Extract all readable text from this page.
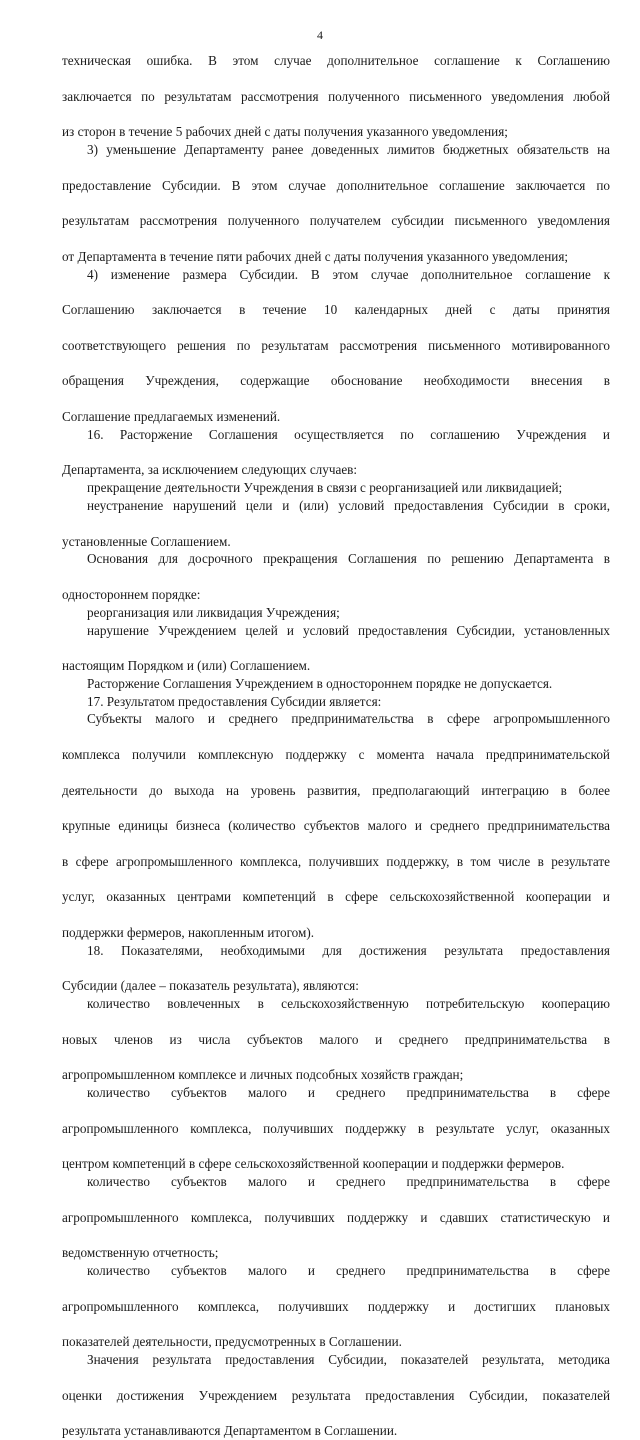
4
техническая ошибка. В этом случае дополнительное соглашение к Соглашению
заключается по результатам рассмотрения полученного письменного уведомления любой
из сторон в течение 5 рабочих дней с даты получения указанного уведомления;
3) уменьшение Департаменту ранее доведенных лимитов бюджетных обязательств на
предоставление Субсидии. В этом случае дополнительное соглашение заключается по
результатам рассмотрения полученного получателем субсидии письменного уведомления
от Департамента в течение пяти рабочих дней с даты получения указанного уведомления;
4) изменение размера Субсидии. В этом случае дополнительное соглашение к
Соглашению заключается в течение 10 календарных дней с даты принятия
соответствующего решения по результатам рассмотрения письменного мотивированного
обращения Учреждения, содержащие обоснование необходимости внесения в
Соглашение предлагаемых изменений.
16. Расторжение Соглашения осуществляется по соглашению Учреждения и
Департамента, за исключением следующих случаев:
прекращение деятельности Учреждения в связи с реорганизацией или ликвидацией;
неустранение нарушений цели и (или) условий предоставления Субсидии в сроки,
установленные Соглашением.
Основания для досрочного прекращения Соглашения по решению Департамента в
одностороннем порядке:
реорганизация или ликвидация Учреждения;
нарушение Учреждением целей и условий предоставления Субсидии, установленных
настоящим Порядком и (или) Соглашением.
Расторжение Соглашения Учреждением в одностороннем порядке не допускается.
17. Результатом предоставления Субсидии является:
Субъекты малого и среднего предпринимательства в сфере агропромышленного
комплекса получили комплексную поддержку с момента начала предпринимательской
деятельности до выхода на уровень развития, предполагающий интеграцию в более
крупные единицы бизнеса (количество субъектов малого и среднего предпринимательства
в сфере агропромышленного комплекса, получивших поддержку, в том числе в результате
услуг, оказанных центрами компетенций в сфере сельскохозяйственной кооперации и
поддержки фермеров, накопленным итогом).
18. Показателями, необходимыми для достижения результата предоставления
Субсидии (далее – показатель результата), являются:
количество вовлеченных в сельскохозяйственную потребительскую кооперацию
новых членов из числа субъектов малого и среднего предпринимательства в
агропромышленном комплексе и личных подсобных хозяйств граждан;
количество субъектов малого и среднего предпринимательства в сфере
агропромышленного комплекса, получивших поддержку в результате услуг, оказанных
центром компетенций в сфере сельскохозяйственной кооперации и поддержки фермеров.
количество субъектов малого и среднего предпринимательства в сфере
агропромышленного комплекса, получивших поддержку и сдавших статистическую и
ведомственную отчетность;
количество субъектов малого и среднего предпринимательства в сфере
агропромышленного комплекса, получивших поддержку и достигших плановых
показателей деятельности, предусмотренных в Соглашении.
Значения результата предоставления Субсидии, показателей результата, методика
оценки достижения Учреждением результата предоставления Субсидии, показателей
результата устанавливаются Департаментом в Соглашении.
